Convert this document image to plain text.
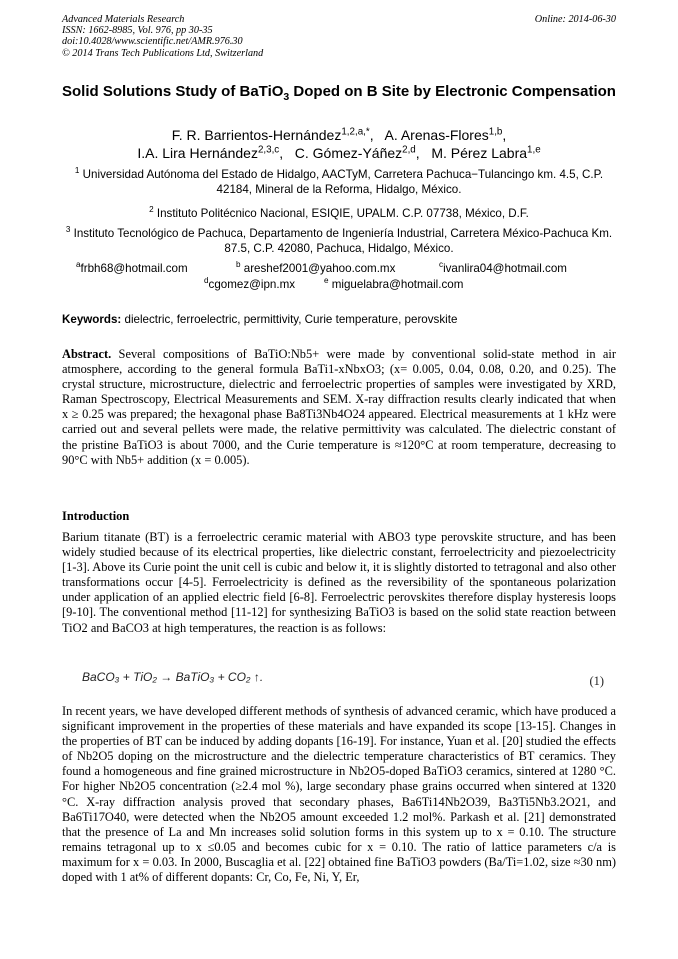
Advanced Materials Research
ISSN: 1662-8985, Vol. 976, pp 30-35
doi:10.4028/www.scientific.net/AMR.976.30
© 2014 Trans Tech Publications Ltd, Switzerland
Online: 2014-06-30
Solid Solutions Study of BaTiO$_3$ Doped on B Site by Electronic Compensation
F. R. Barrientos-Hernández$^{1,2,a,*}$,   A. Arenas-Flores$^{1,b}$,
I.A. Lira Hernández$^{2,3,c}$,   C. Gómez-Yáñez$^{2,d}$,   M. Pérez Labra$^{1,e}$
$^1$ Universidad Autónoma del Estado de Hidalgo, AACTyM, Carretera Pachuca−Tulancingo km. 4.5, C.P. 42184, Mineral de la Reforma, Hidalgo, México.
$^2$ Instituto Politécnico Nacional, ESIQIE, UPALM. C.P. 07738, México, D.F.
$^3$ Instituto Tecnológico de Pachuca, Departamento de Ingeniería Industrial, Carretera México-Pachuca Km. 87.5, C.P. 42080, Pachuca, Hidalgo, México.
$^a$frbh68@hotmail.com	$^b$ areshef2001@yahoo.com.mx	$^c$ivanlira04@hotmail.com
$^d$cgomez@ipn.mx	$^e$ miguelabra@hotmail.com
Keywords: dielectric, ferroelectric, permittivity, Curie temperature, perovskite
Abstract. Several compositions of BaTiO:Nb5+ were made by conventional solid-state method in air atmosphere, according to the general formula BaTi1-xNbxO3; (x= 0.005, 0.04, 0.08, 0.20, and 0.25). The crystal structure, microstructure, dielectric and ferroelectric properties of samples were investigated by XRD, Raman Spectroscopy, Electrical Measurements and SEM. X-ray diffraction results clearly indicated that when x ≥ 0.25 was prepared; the hexagonal phase Ba8Ti3Nb4O24 appeared. Electrical measurements at 1 kHz were carried out and several pellets were made, the relative permittivity was calculated. The dielectric constant of the pristine BaTiO3 is about 7000, and the Curie temperature is ≈120°C at room temperature, decreasing to 90°C with Nb5+ addition (x = 0.005).
Introduction
Barium titanate (BT) is a ferroelectric ceramic material with ABO3 type perovskite structure, and has been widely studied because of its electrical properties, like dielectric constant, ferroelectricity and piezoelectricity [1-3]. Above its Curie point the unit cell is cubic and below it, it is slightly distorted to tetragonal and also other transformations occur [4-5]. Ferroelectricity is defined as the reversibility of the spontaneous polarization under application of an applied electric field [6-8]. Ferroelectric perovskites therefore display hysteresis loops [9-10]. The conventional method [11-12] for synthesizing BaTiO3 is based on the solid state reaction between TiO2 and BaCO3 at high temperatures, the reaction is as follows:
BaCO₃ + TiO₂ → BaTiO₃ + CO₂ ↑.	(1)
In recent years, we have developed different methods of synthesis of advanced ceramic, which have produced a significant improvement in the properties of these materials and have expanded its scope [13-15]. Changes in the properties of BT can be induced by adding dopants [16-19]. For instance, Yuan et al. [20] studied the effects of Nb2O5 doping on the microstructure and the dielectric temperature characteristics of BT ceramics. They found a homogeneous and fine grained microstructure in Nb2O5-doped BaTiO3 ceramics, sintered at 1280 °C. For higher Nb2O5 concentration (≥2.4 mol %), large secondary phase grains occurred when sintered at 1320 °C. X-ray diffraction analysis proved that secondary phases, Ba6Ti14Nb2O39, Ba3Ti5Nb3.2O21, and Ba6Ti17O40, were detected when the Nb2O5 amount exceeded 1.2 mol%. Parkash et al. [21] demonstrated that the presence of La and Mn increases solid solution forms in this system up to x = 0.10. The structure remains tetragonal up to x ≤0.05 and becomes cubic for x = 0.10. The ratio of lattice parameters c/a is maximum for x = 0.03. In 2000, Buscaglia et al. [22] obtained fine BaTiO3 powders (Ba/Ti=1.02, size ≈30 nm) doped with 1 at% of different dopants: Cr, Co, Fe, Ni, Y, Er,
